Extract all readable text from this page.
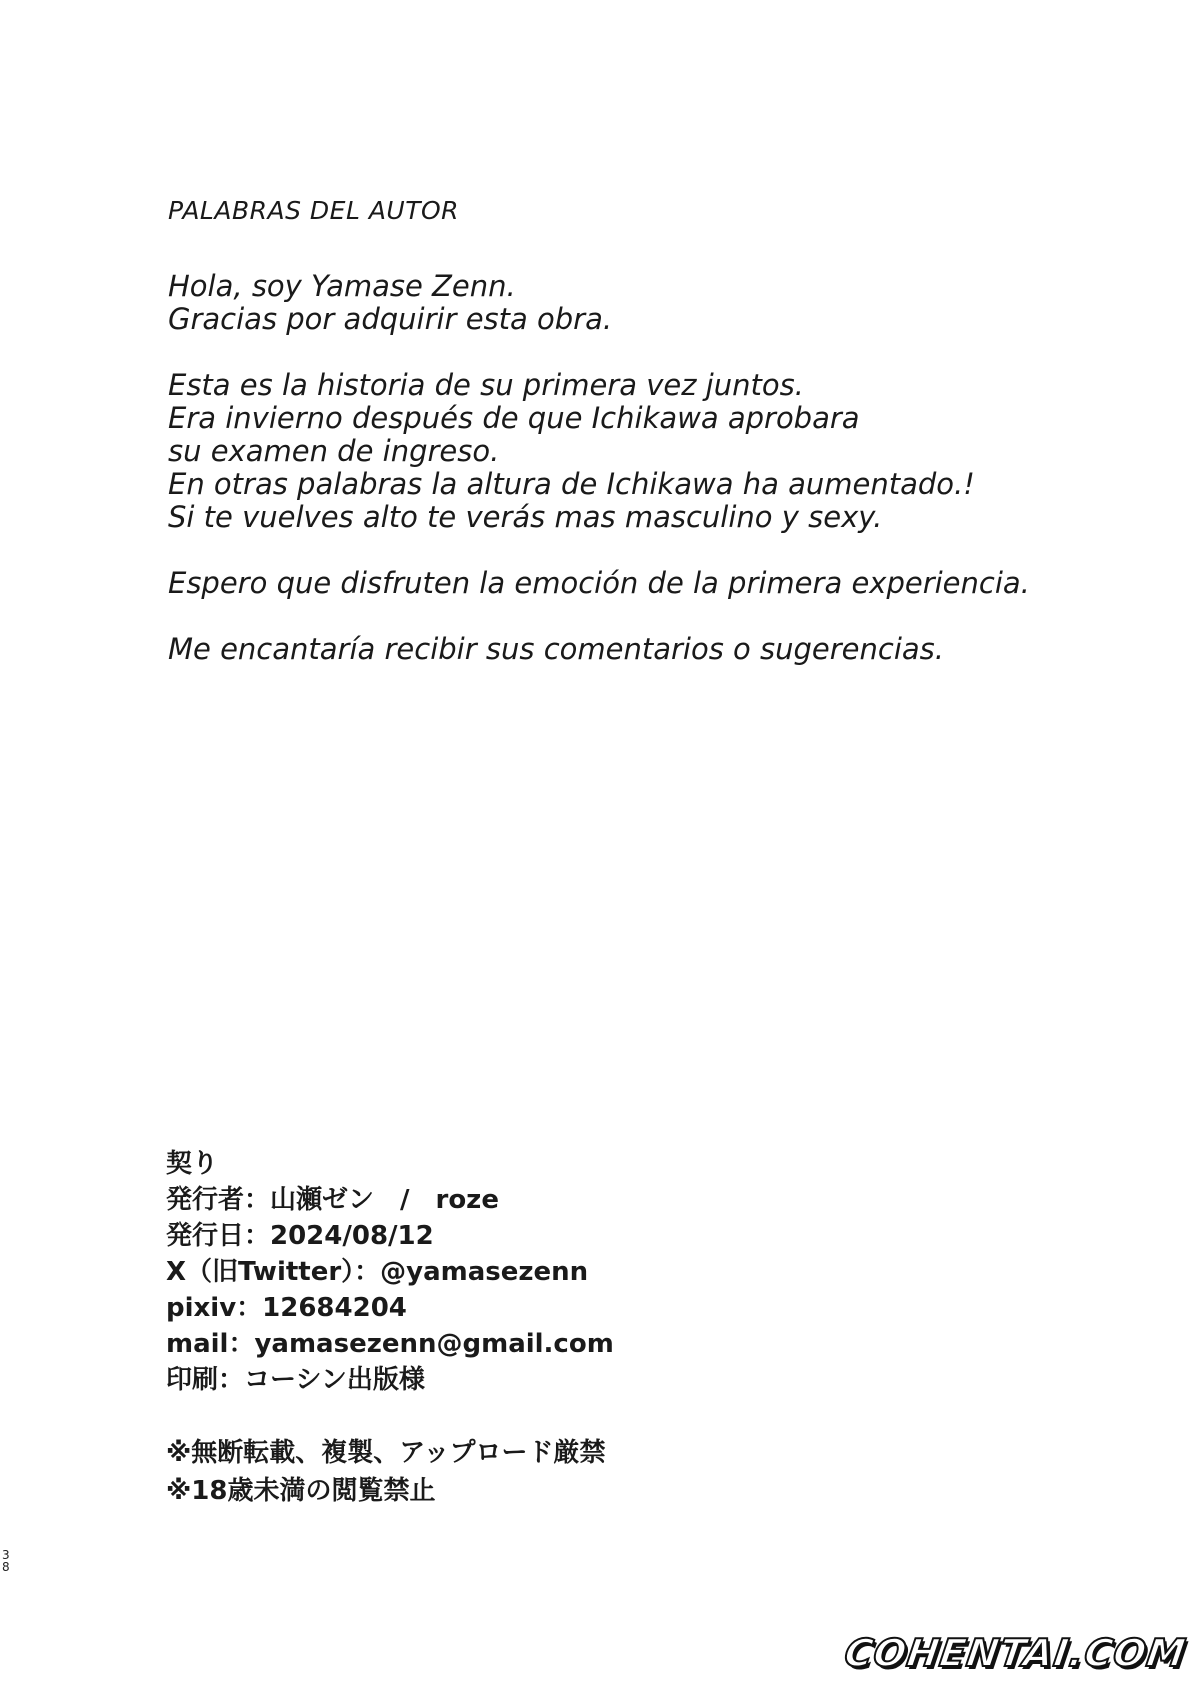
PALABRAS DEL AUTOR
Hola, soy Yamase Zenn.
Gracias por adquirir esta obra.
Esta es la historia de su primera vez juntos.
Era invierno después de que Ichikawa aprobara
su examen de ingreso.
En otras palabras la altura de Ichikawa ha aumentado.!
Si te vuelves alto te verás mas masculino y sexy.
Espero que disfruten la emoción de la primera experiencia.
Me encantaría recibir sus comentarios o sugerencias.
契り
発行者：山瀬ゼン　/　roze
発行日：2024/08/12
X（旧Twitter）：@yamasezenn
pixiv：12684204
mail：yamasezenn@gmail.com
印刷：コーシン出版様
※無断転載、複製、アップロード厳禁
※18歳未満の閲覧禁止
38
COHENTAI.COM
